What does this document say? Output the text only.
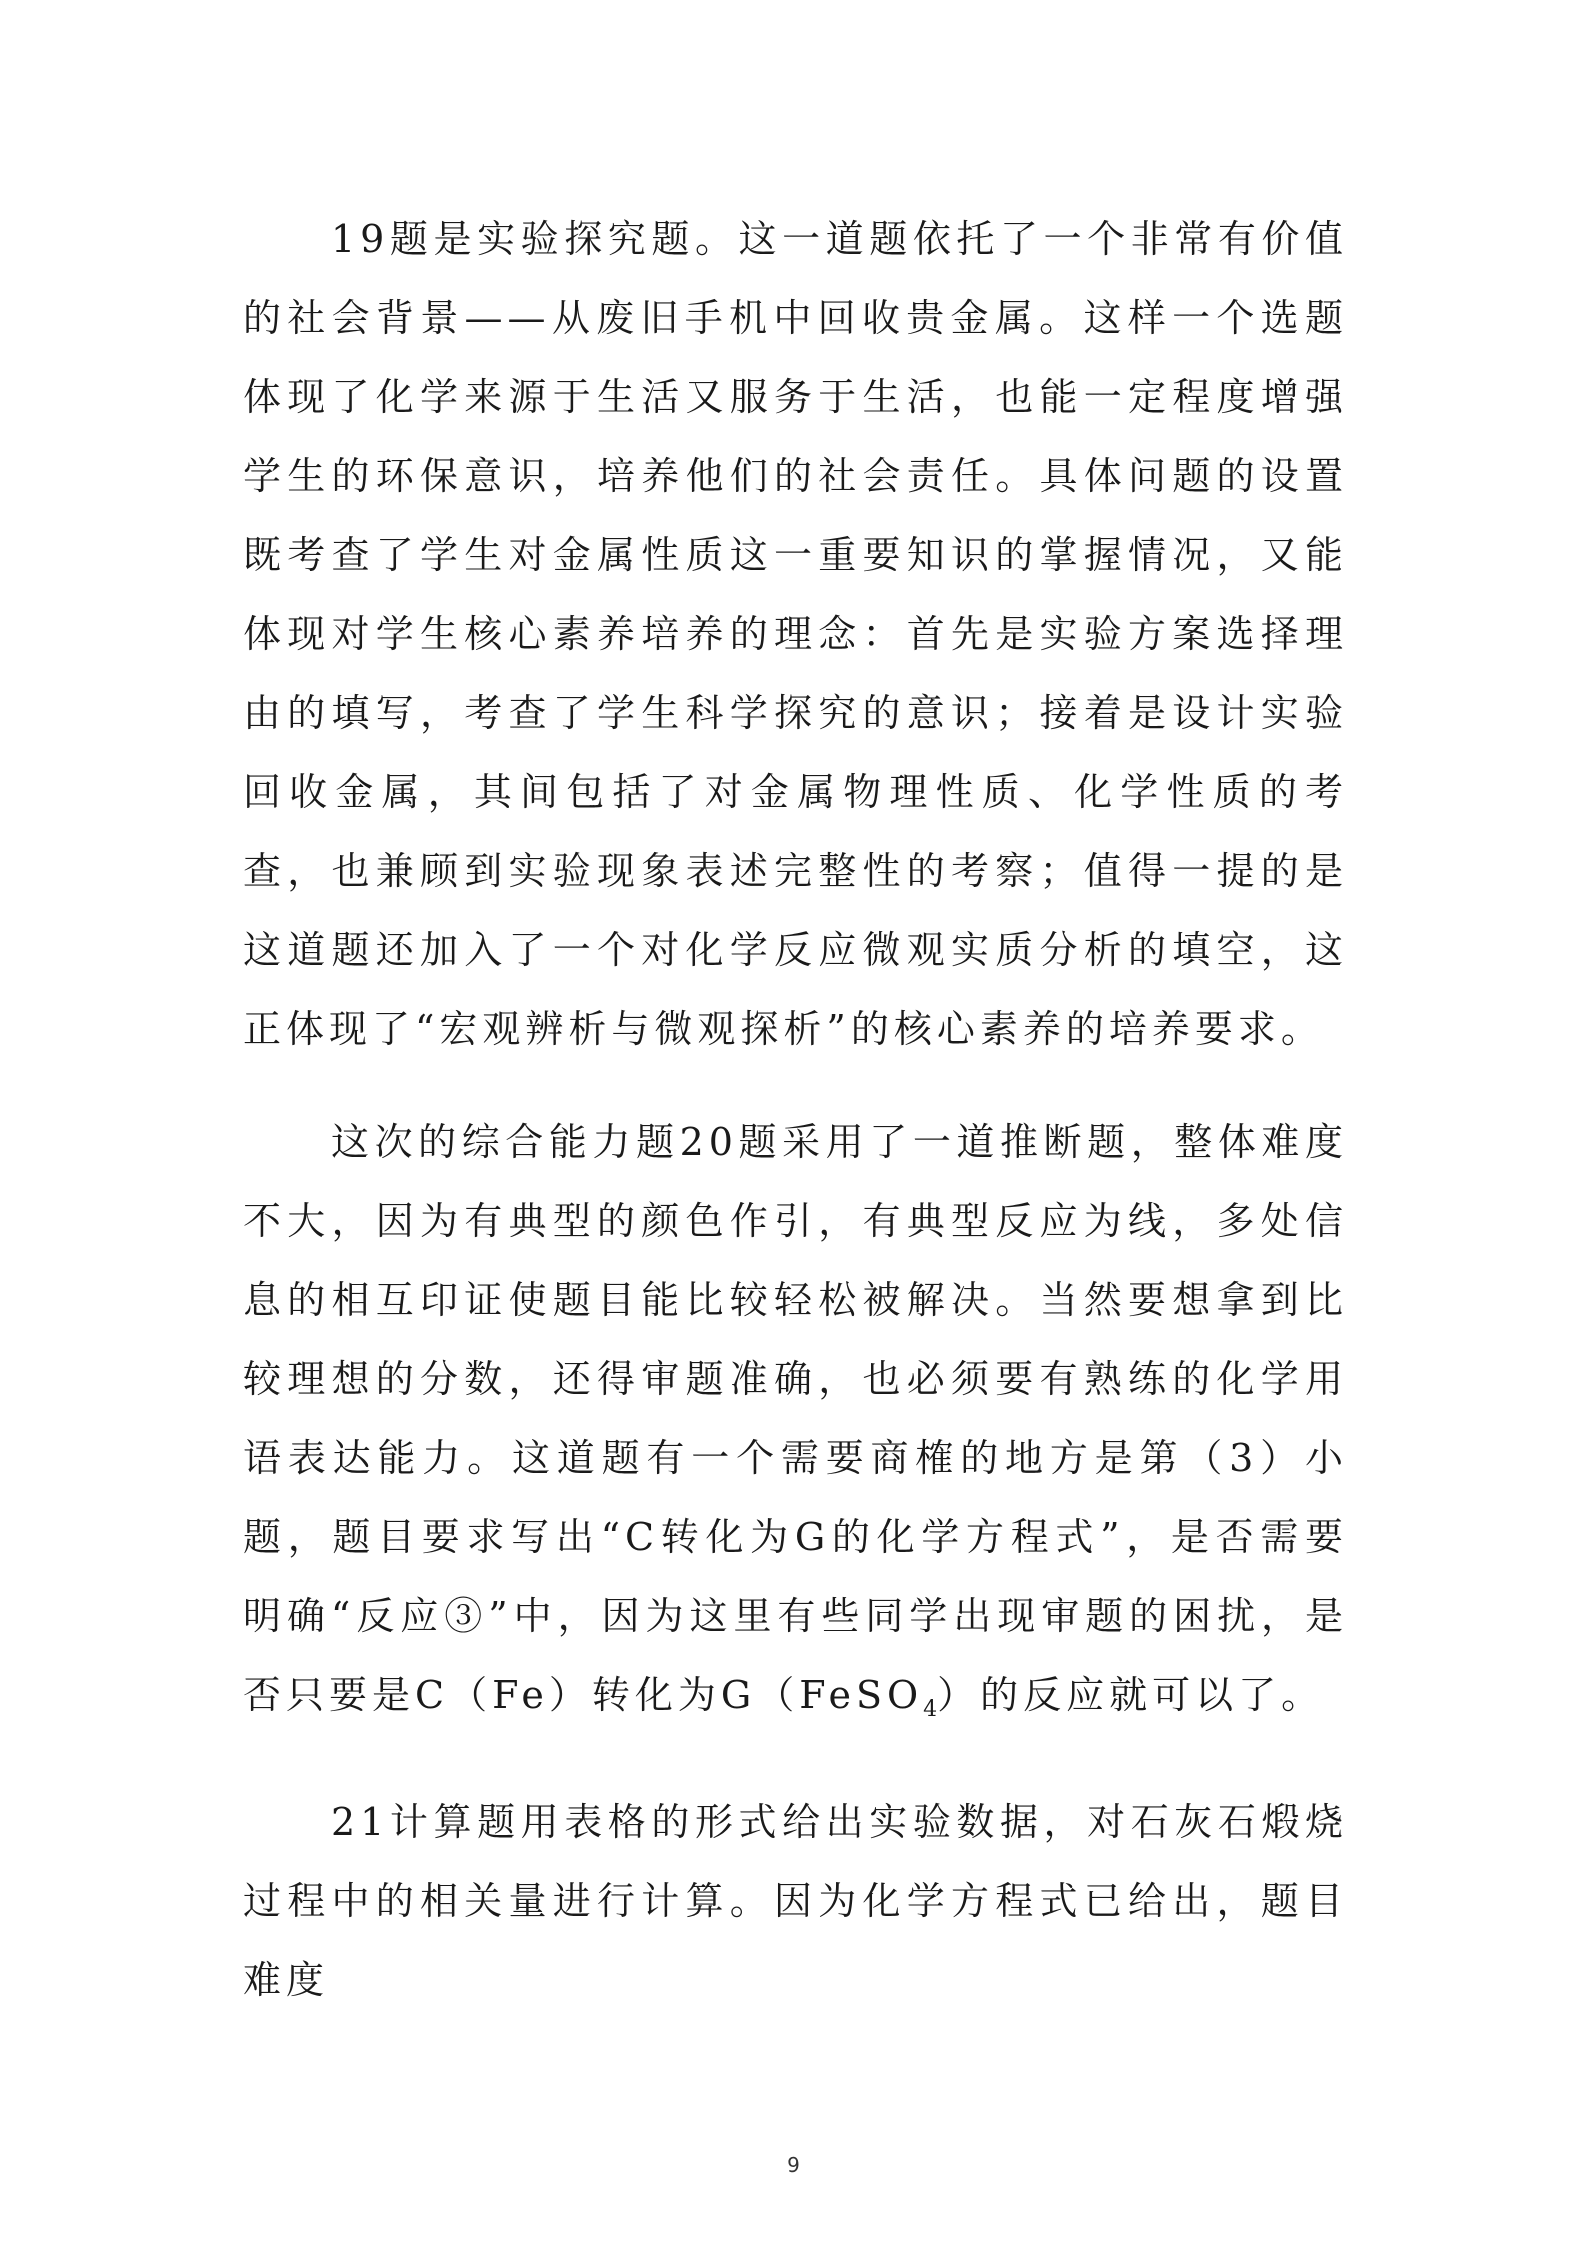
19题是实验探究题。这一道题依托了一个非常有价值的社会背景——从废旧手机中回收贵金属。这样一个选题体现了化学来源于生活又服务于生活，也能一定程度增强学生的环保意识，培养他们的社会责任。具体问题的设置既考查了学生对金属性质这一重要知识的掌握情况，又能体现对学生核心素养培养的理念：首先是实验方案选择理由的填写，考查了学生科学探究的意识；接着是设计实验回收金属，其间包括了对金属物理性质、化学性质的考查，也兼顾到实验现象表述完整性的考察；值得一提的是这道题还加入了一个对化学反应微观实质分析的填空，这正体现了“宏观辨析与微观探析”的核心素养的培养要求。

这次的综合能力题20题采用了一道推断题，整体难度不大，因为有典型的颜色作引，有典型反应为线，多处信息的相互印证使题目能比较轻松被解决。当然要想拿到比较理想的分数，还得审题准确，也必须要有熟练的化学用语表达能力。这道题有一个需要商榷的地方是第（3）小题，题目要求写出“C转化为G的化学方程式”，是否需要明确“反应③”中，因为这里有些同学出现审题的困扰，是否只要是C（Fe）转化为G（FeSO$_4$）的反应就可以了。

21计算题用表格的形式给出实验数据，对石灰石煅烧过程中的相关量进行计算。因为化学方程式已给出，题目难度

9
